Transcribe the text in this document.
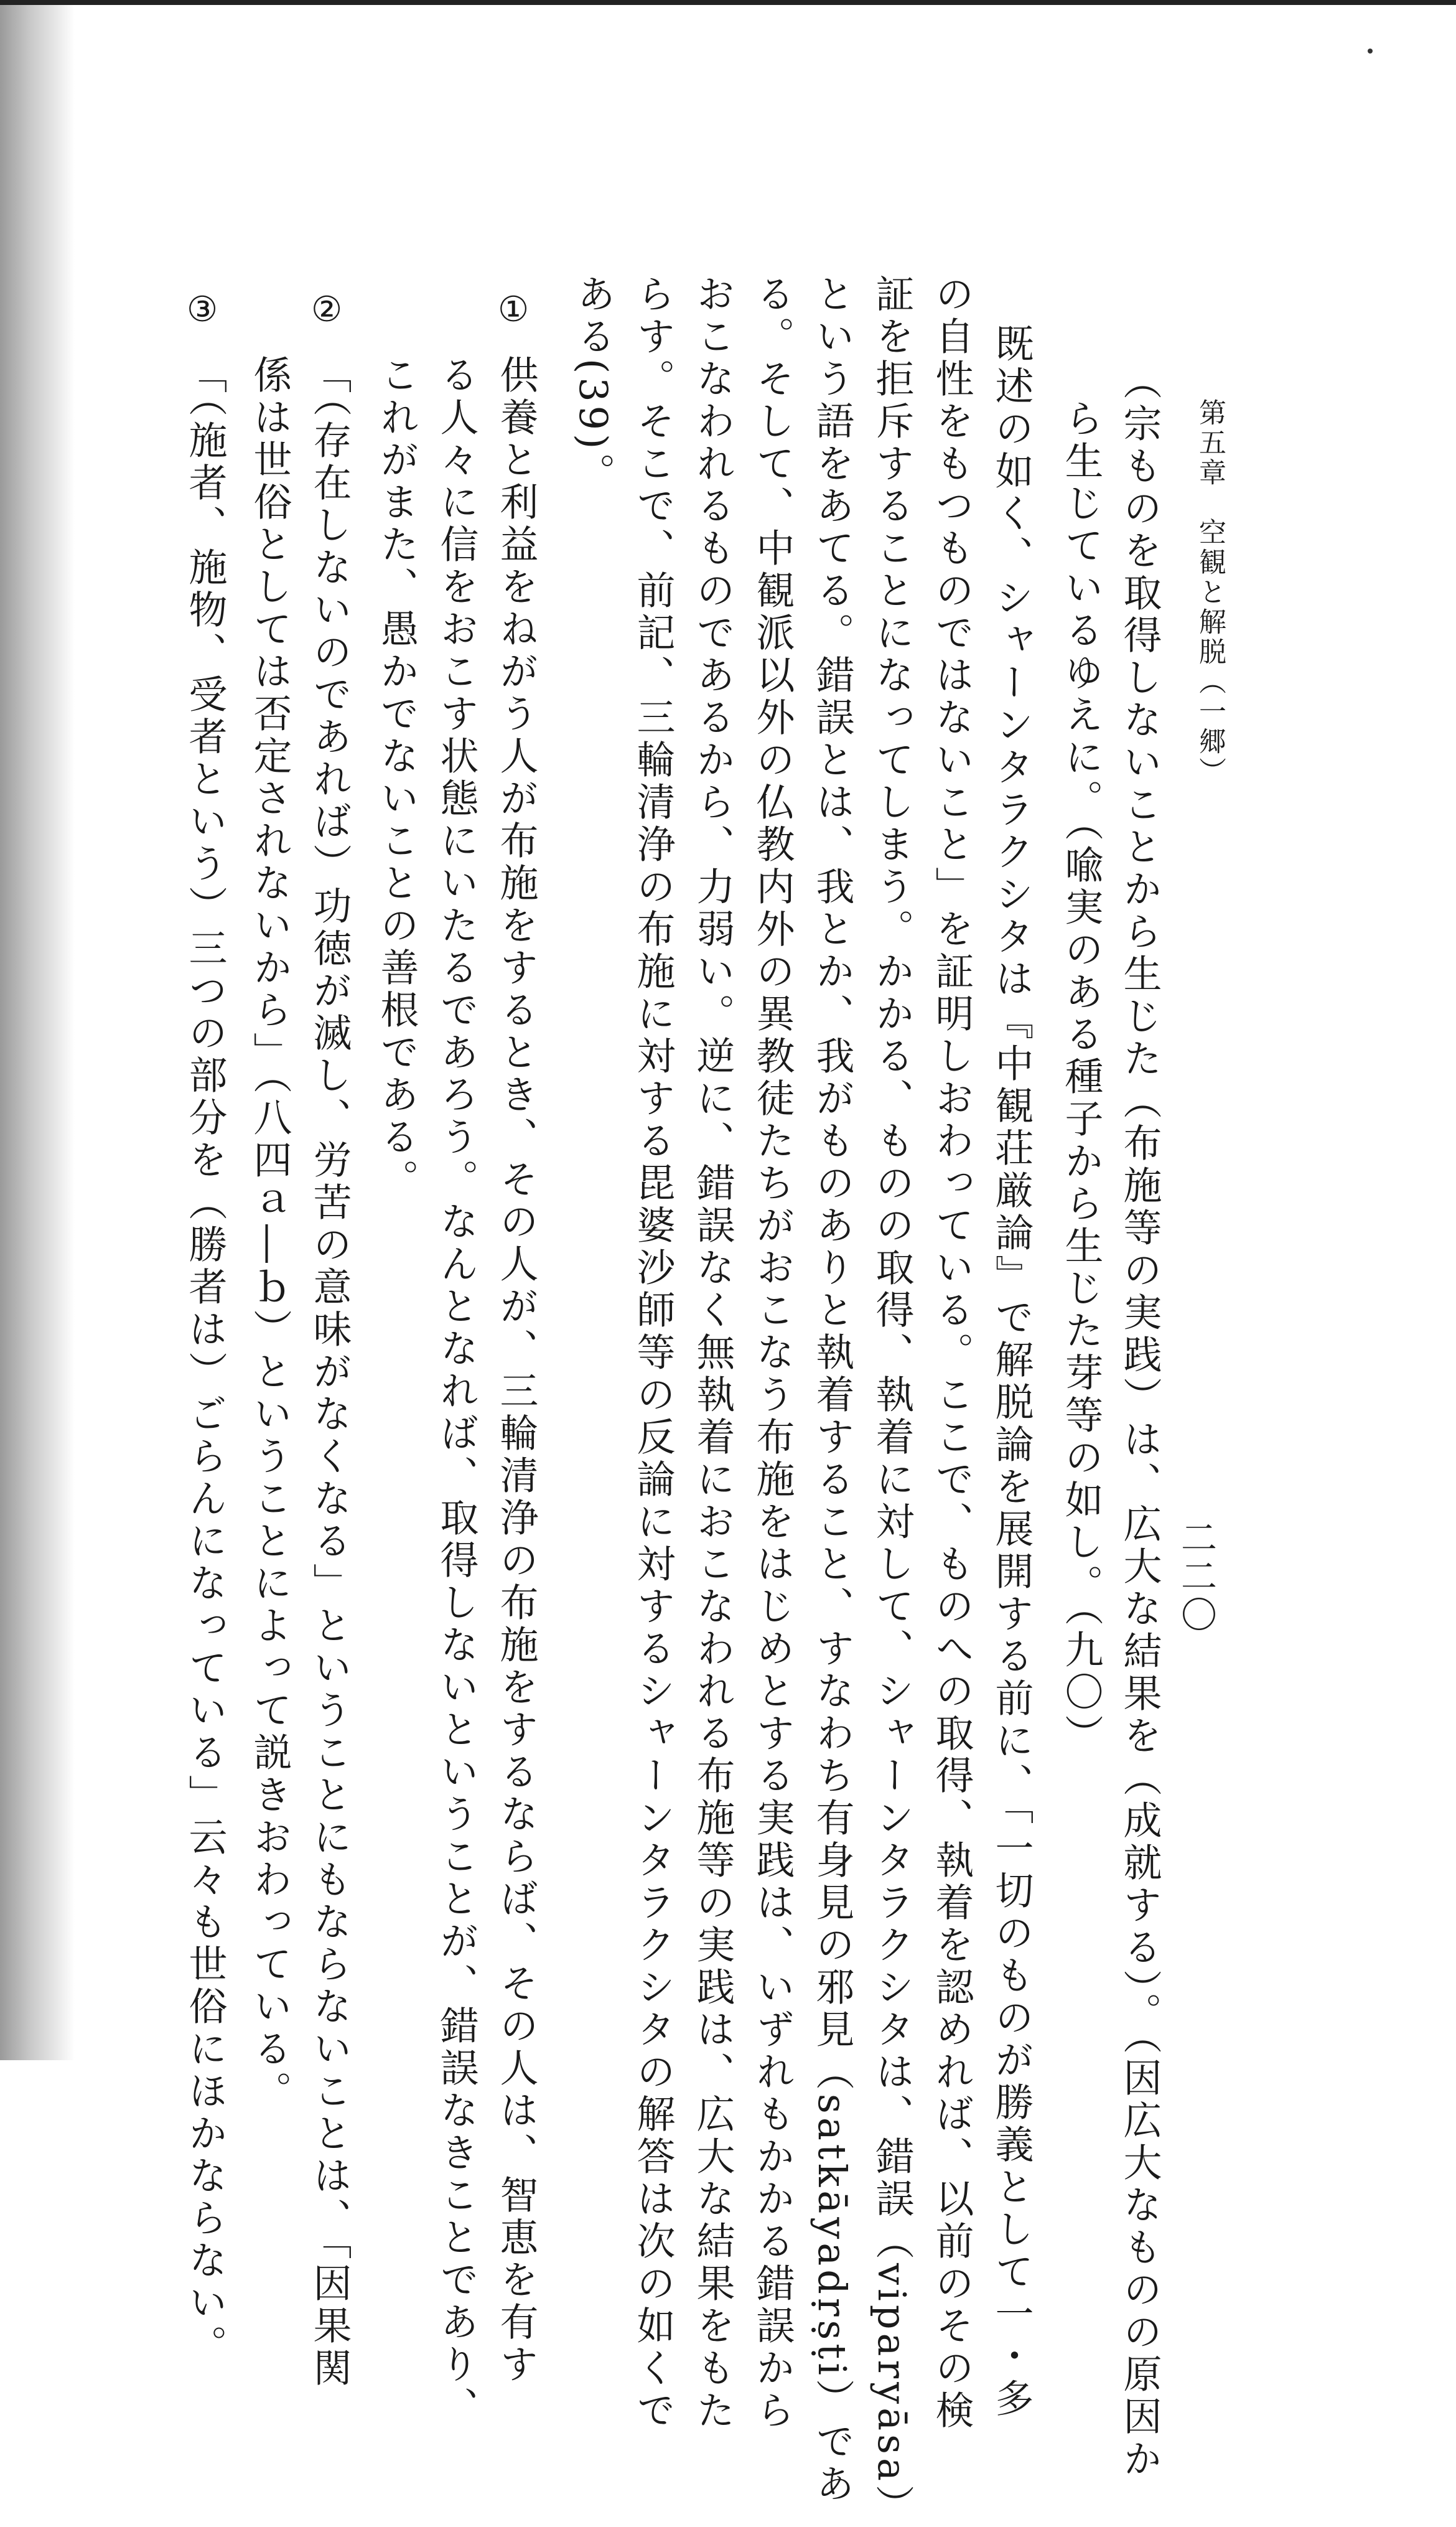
二二〇
第五章　空観と解脱（一郷）
（宗ものを取得しないことから生じた（布施等の実践）は、広大な結果を（成就する）。（因広大なものの原因か
ら生じているゆえに。（喩実のある種子から生じた芽等の如し。（九〇）
既述の如く、シャーンタラクシタは『中観荘厳論』で解脱論を展開する前に、「一切のものが勝義として一・多
の自性をもつものではないこと」を証明しおわっている。ここで、ものへの取得、執着を認めれば、以前のその検
証を拒斥することになってしまう。かかる、ものの取得、執着に対して、シャーンタラクシタは、錯誤（viparyāsa）
という語をあてる。錯誤とは、我とか、我がものありと執着すること、すなわち有身見の邪見（satkāyadṛṣṭi）であ
る。そして、中観派以外の仏教内外の異教徒たちがおこなう布施をはじめとする実践は、いずれもかかる錯誤から
おこなわれるものであるから、力弱い。逆に、錯誤なく無執着におこなわれる布施等の実践は、広大な結果をもた
らす。そこで、前記、三輪清浄の布施に対する毘婆沙師等の反論に対するシャーンタラクシタの解答は次の如くで
ある(39)。
①
供養と利益をねがう人が布施をするとき、その人が、三輪清浄の布施をするならば、その人は、智恵を有す
る人々に信をおこす状態にいたるであろう。なんとなれば、取得しないということが、錯誤なきことであり、
これがまた、愚かでないことの善根である。
②
「（存在しないのであれば）功徳が滅し、労苦の意味がなくなる」ということにもならないことは、「因果関
係は世俗としては否定されないから」（八四ａ―ｂ）ということによって説きおわっている。
③
「（施者、施物、受者という）三つの部分を（勝者は）ごらんになっている」云々も世俗にほかならない。
